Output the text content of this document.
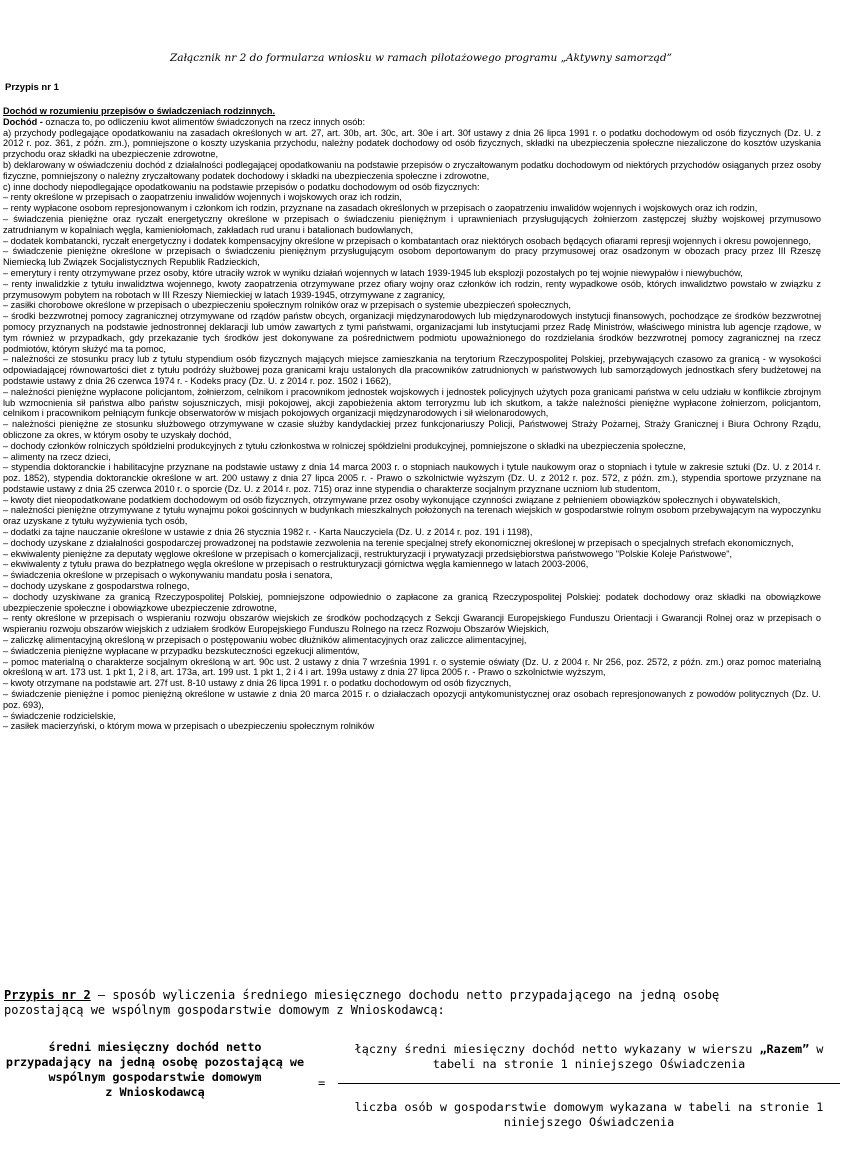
Załącznik nr 2 do formularza wniosku w ramach pilotażowego programu „Aktywny samorząd”
Przypis nr 1
Dochód w rozumieniu przepisów o świadczeniach rodzinnych.
Dochód - oznacza to, po odliczeniu kwot alimentów świadczonych na rzecz innych osób:
a) przychody podlegające opodatkowaniu na zasadach określonych w art. 27, art. 30b, art. 30c, art. 30e i art. 30f ustawy z dnia 26 lipca 1991 r. o podatku dochodowym od osób fizycznych (Dz. U. z 2012 r. poz. 361, z późn. zm.), pomniejszone o koszty uzyskania przychodu, należny podatek dochodowy od osób fizycznych, składki na ubezpieczenia społeczne niezaliczone do kosztów uzyskania przychodu oraz składki na ubezpieczenie zdrowotne,
b) deklarowany w oświadczeniu dochód z działalności podlegającej opodatkowaniu na podstawie przepisów o zryczałtowanym podatku dochodowym od niektórych przychodów osiąganych przez osoby fizyczne, pomniejszony o należny zryczałtowany podatek dochodowy i składki na ubezpieczenia społeczne i zdrowotne,
c) inne dochody niepodlegające opodatkowaniu na podstawie przepisów o podatku dochodowym od osób fizycznych:
– renty określone w przepisach o zaopatrzeniu inwalidów wojennych i wojskowych oraz ich rodzin,
– renty wypłacone osobom represjonowanym i członkom ich rodzin, przyznane na zasadach określonych w przepisach o zaopatrzeniu inwalidów wojennych i wojskowych oraz ich rodzin,
– świadczenia pieniężne oraz ryczałt energetyczny określone w przepisach o świadczeniu pieniężnym i uprawnieniach przysługujących żołnierzom zastępczej służby wojskowej przymusowo zatrudnianym w kopalniach węgla, kamieniołomach, zakładach rud uranu i batalionach budowlanych,
– dodatek kombatancki, ryczałt energetyczny i dodatek kompensacyjny określone w przepisach o kombatantach oraz niektórych osobach będących ofiarami represji wojennych i okresu powojennego,
– świadczenie pieniężne określone w przepisach o świadczeniu pieniężnym przysługującym osobom deportowanym do pracy przymusowej oraz osadzonym w obozach pracy przez III Rzeszę Niemiecką lub Związek Socjalistycznych Republik Radzieckich,
– emerytury i renty otrzymywane przez osoby, które utraciły wzrok w wyniku działań wojennych w latach 1939-1945 lub eksplozji pozostałych po tej wojnie niewypałów i niewybuchów,
– renty inwalidzkie z tytułu inwalidztwa wojennego, kwoty zaopatrzenia otrzymywane przez ofiary wojny oraz członków ich rodzin, renty wypadkowe osób, których inwalidztwo powstało w związku z przymusowym pobytem na robotach w III Rzeszy Niemieckiej w latach 1939-1945, otrzymywane z zagranicy,
– zasiłki chorobowe określone w przepisach o ubezpieczeniu społecznym rolników oraz w przepisach o systemie ubezpieczeń społecznych,
– środki bezzwrotnej pomocy zagranicznej otrzymywane od rządów państw obcych, organizacji międzynarodowych lub międzynarodowych instytucji finansowych, pochodzące ze środków bezzwrotnej pomocy przyznanych na podstawie jednostronnej deklaracji lub umów zawartych z tymi państwami, organizacjami lub instytucjami przez Radę Ministrów, właściwego ministra lub agencje rządowe, w tym również w przypadkach, gdy przekazanie tych środków jest dokonywane za pośrednictwem podmiotu upoważnionego do rozdzielania środków bezzwrotnej pomocy zagranicznej na rzecz podmiotów, którym służyć ma ta pomoc,
– należności ze stosunku pracy lub z tytułu stypendium osób fizycznych mających miejsce zamieszkania na terytorium Rzeczypospolitej Polskiej, przebywających czasowo za granicą - w wysokości odpowiadającej równowartości diet z tytułu podróży służbowej poza granicami kraju ustalonych dla pracowników zatrudnionych w państwowych lub samorządowych jednostkach sfery budżetowej na podstawie ustawy z dnia 26 czerwca 1974 r. - Kodeks pracy (Dz. U. z 2014 r. poz. 1502 i 1662),
– należności pieniężne wypłacone policjantom, żołnierzom, celnikom i pracownikom jednostek wojskowych i jednostek policyjnych użytych poza granicami państwa w celu udziału w konflikcie zbrojnym lub wzmocnienia sił państwa albo państw sojuszniczych, misji pokojowej, akcji zapobieżenia aktom terroryzmu lub ich skutkom, a także należności pieniężne wypłacone żołnierzom, policjantom, celnikom i pracownikom pełniącym funkcje obserwatorów w misjach pokojowych organizacji międzynarodowych i sił wielonarodowych,
– należności pieniężne ze stosunku służbowego otrzymywane w czasie służby kandydackiej przez funkcjonariuszy Policji, Państwowej Straży Pożarnej, Straży Granicznej i Biura Ochrony Rządu, obliczone za okres, w którym osoby te uzyskały dochód,
– dochody członków rolniczych spółdzielni produkcyjnych z tytułu członkostwa w rolniczej spółdzielni produkcyjnej, pomniejszone o składki na ubezpieczenia społeczne,
– alimenty na rzecz dzieci,
– stypendia doktoranckie i habilitacyjne przyznane na podstawie ustawy z dnia 14 marca 2003 r. o stopniach naukowych i tytule naukowym oraz o stopniach i tytule w zakresie sztuki (Dz. U. z 2014 r. poz. 1852), stypendia doktoranckie określone w art. 200 ustawy z dnia 27 lipca 2005 r. - Prawo o szkolnictwie wyższym (Dz. U. z 2012 r. poz. 572, z późn. zm.), stypendia sportowe przyznane na podstawie ustawy z dnia 25 czerwca 2010 r. o sporcie (Dz. U. z 2014 r. poz. 715) oraz inne stypendia o charakterze socjalnym przyznane uczniom lub studentom,
– kwoty diet nieopodatkowane podatkiem dochodowym od osób fizycznych, otrzymywane przez osoby wykonujące czynności związane z pełnieniem obowiązków społecznych i obywatelskich,
– należności pieniężne otrzymywane z tytułu wynajmu pokoi gościnnych w budynkach mieszkalnych położonych na terenach wiejskich w gospodarstwie rolnym osobom przebywającym na wypoczynku oraz uzyskane z tytułu wyżywienia tych osób,
– dodatki za tajne nauczanie określone w ustawie z dnia 26 stycznia 1982 r. - Karta Nauczyciela (Dz. U. z 2014 r. poz. 191 i 1198),
– dochody uzyskane z działalności gospodarczej prowadzonej na podstawie zezwolenia na terenie specjalnej strefy ekonomicznej określonej w przepisach o specjalnych strefach ekonomicznych,
– ekwiwalenty pieniężne za deputaty węglowe określone w przepisach o komercjalizacji, restrukturyzacji i prywatyzacji przedsiębiorstwa państwowego "Polskie Koleje Państwowe",
– ekwiwalenty z tytułu prawa do bezpłatnego węgla określone w przepisach o restrukturyzacji górnictwa węgla kamiennego w latach 2003-2006,
– świadczenia określone w przepisach o wykonywaniu mandatu posła i senatora,
– dochody uzyskane z gospodarstwa rolnego,
– dochody uzyskiwane za granicą Rzeczypospolitej Polskiej, pomniejszone odpowiednio o zapłacone za granicą Rzeczypospolitej Polskiej: podatek dochodowy oraz składki na obowiązkowe ubezpieczenie społeczne i obowiązkowe ubezpieczenie zdrowotne,
– renty określone w przepisach o wspieraniu rozwoju obszarów wiejskich ze środków pochodzących z Sekcji Gwarancji Europejskiego Funduszu Orientacji i Gwarancji Rolnej oraz w przepisach o wspieraniu rozwoju obszarów wiejskich z udziałem środków Europejskiego Funduszu Rolnego na rzecz Rozwoju Obszarów Wiejskich,
– zaliczkę alimentacyjną określoną w przepisach o postępowaniu wobec dłużników alimentacyjnych oraz zaliczce alimentacyjnej,
– świadczenia pieniężne wypłacane w przypadku bezskuteczności egzekucji alimentów,
– pomoc materialną o charakterze socjalnym określoną w art. 90c ust. 2 ustawy z dnia 7 września 1991 r. o systemie oświaty (Dz. U. z 2004 r. Nr 256, poz. 2572, z późn. zm.) oraz pomoc materialną określoną w art. 173 ust. 1 pkt 1, 2 i 8, art. 173a, art. 199 ust. 1 pkt 1, 2 i 4 i art. 199a ustawy z dnia 27 lipca 2005 r. - Prawo o szkolnictwie wyższym,
– kwoty otrzymane na podstawie art. 27f ust. 8-10 ustawy z dnia 26 lipca 1991 r. o podatku dochodowym od osób fizycznych,
– świadczenie pieniężne i pomoc pieniężną określone w ustawie z dnia 20 marca 2015 r. o działaczach opozycji antykomunistycznej oraz osobach represjonowanych z powodów politycznych (Dz. U. poz. 693),
– świadczenie rodzicielskie,
– zasiłek macierzyński, o którym mowa w przepisach o ubezpieczeniu społecznym rolników
Przypis nr 2 – sposób wyliczenia średniego miesięcznego dochodu netto przypadającego na jedną osobę pozostającą we wspólnym gospodarstwie domowym z Wnioskodawcą:
średni miesięczny dochód netto
przypadający na jedną osobę pozostającą we
wspólnym gospodarstwie domowym
z Wnioskodawcą
=
łączny średni miesięczny dochód netto wykazany w wierszu „Razem” w tabeli na stronie 1 niniejszego Oświadczenia
liczba osób w gospodarstwie domowym wykazana w tabeli na stronie 1 niniejszego Oświadczenia
